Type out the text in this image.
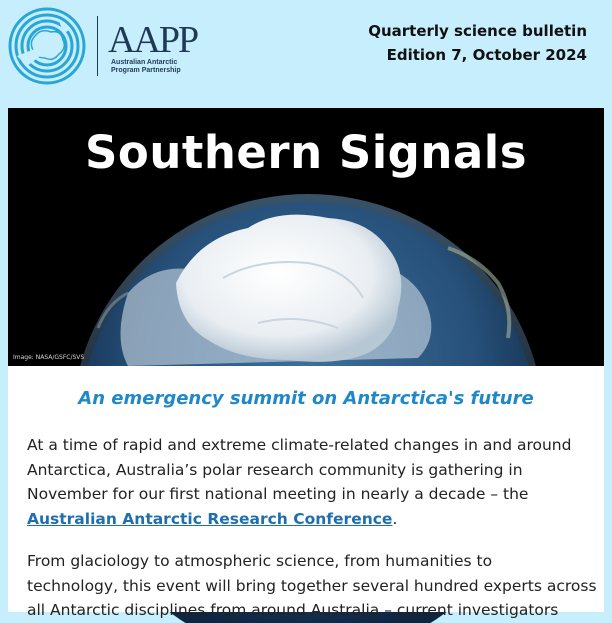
AAPP
Australian Antarctic
Program Partnership
Quarterly science bulletin
Edition 7, October 2024
Southern Signals
Image: NASA/GSFC/SVS
An emergency summit on Antarctica's future
At a time of rapid and extreme climate-related changes in and around
Antarctica, Australia’s polar research community is gathering in
November for our first national meeting in nearly a decade – the
Australian Antarctic Research Conference.
From glaciology to atmospheric science, from humanities to
technology, this event will bring together several hundred experts across
all Antarctic disciplines from around Australia – current investigators
